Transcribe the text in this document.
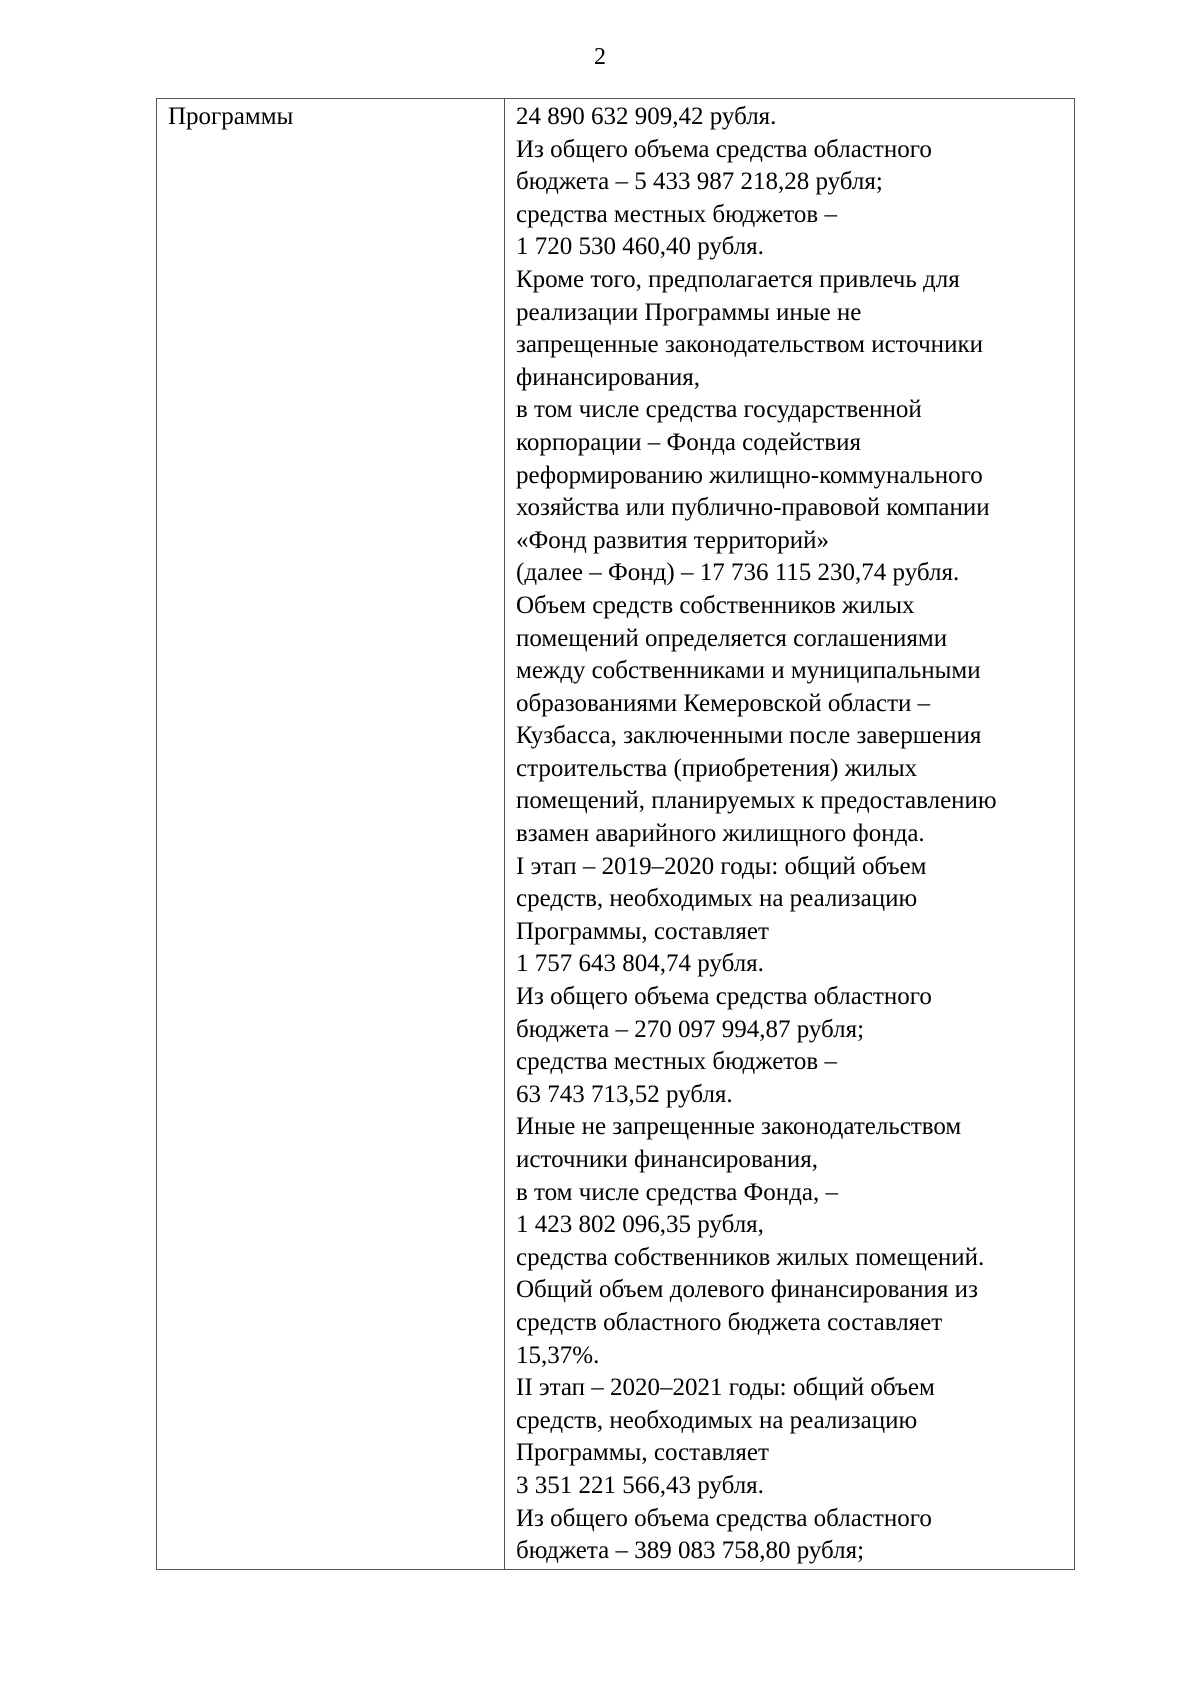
2
Программы	24 890 632 909,42 рубля.
Из общего объема средства областного
бюджета – 5 433 987 218,28 рубля;
средства местных бюджетов –
1 720 530 460,40 рубля.
Кроме того, предполагается привлечь для
реализации Программы иные не
запрещенные законодательством источники
финансирования,
в том числе средства государственной
корпорации – Фонда содействия
реформированию жилищно-коммунального
хозяйства или публично-правовой компании
«Фонд развития территорий»
(далее – Фонд) – 17 736 115 230,74 рубля.
Объем средств собственников жилых
помещений определяется соглашениями
между собственниками и муниципальными
образованиями Кемеровской области –
Кузбасса, заключенными после завершения
строительства (приобретения) жилых
помещений, планируемых к предоставлению
взамен аварийного жилищного фонда.
I этап – 2019–2020 годы: общий объем
средств, необходимых на реализацию
Программы, составляет
1 757 643 804,74 рубля.
Из общего объема средства областного
бюджета – 270 097 994,87 рубля;
средства местных бюджетов –
63 743 713,52 рубля.
Иные не запрещенные законодательством
источники финансирования,
в том числе средства Фонда, –
1 423 802 096,35 рубля,
средства собственников жилых помещений.
Общий объем долевого финансирования из
средств областного бюджета составляет
15,37%.
II этап – 2020–2021 годы: общий объем
средств, необходимых на реализацию
Программы, составляет
3 351 221 566,43 рубля.
Из общего объема средства областного
бюджета – 389 083 758,80 рубля;
